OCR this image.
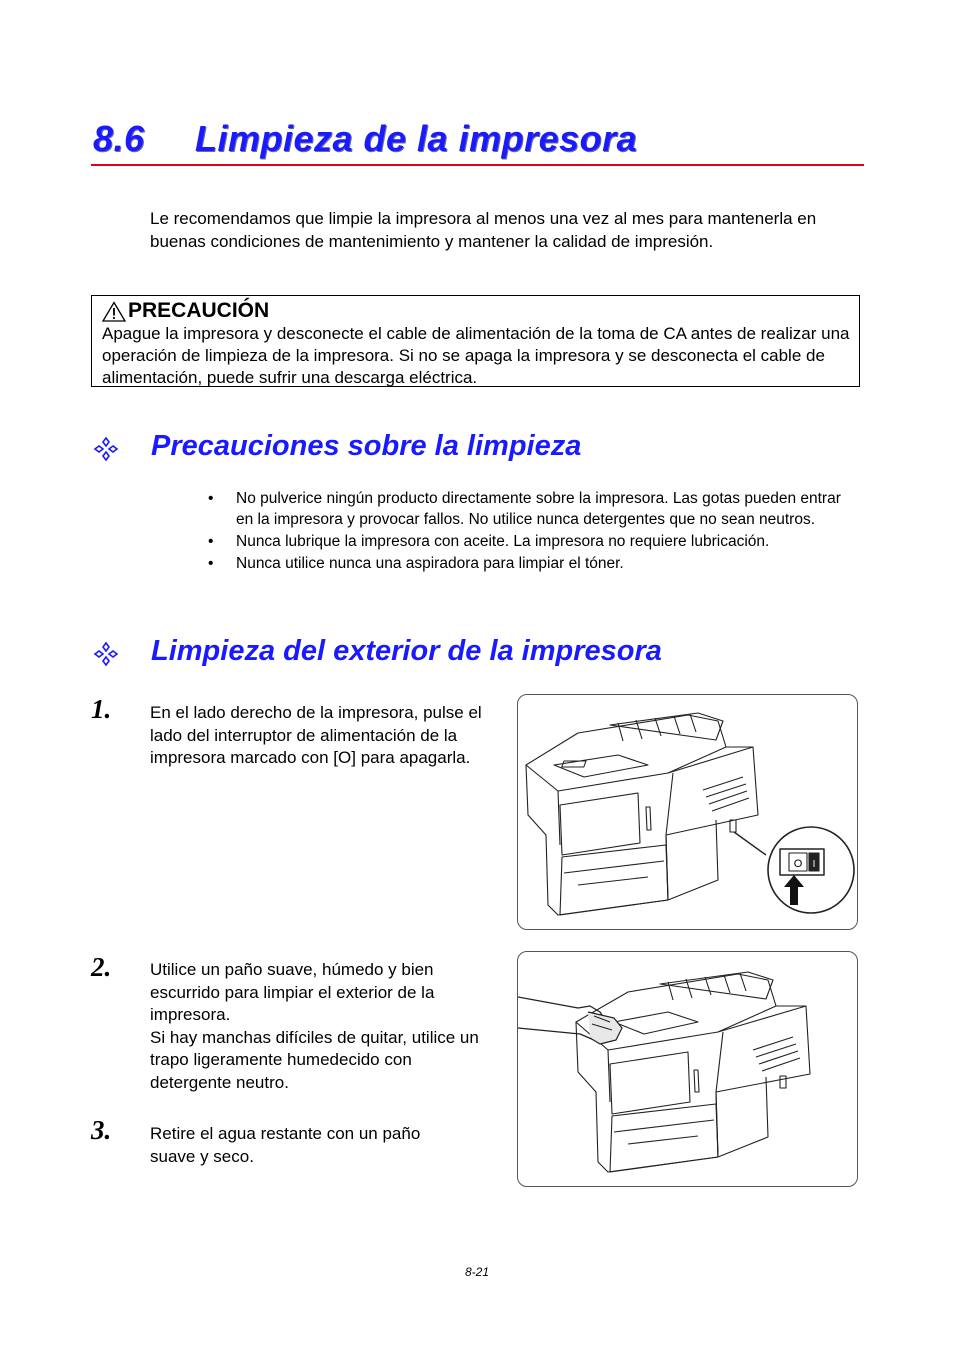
8.6 Limpieza de la impresora
Le recomendamos que limpie la impresora al menos una vez al mes para mantenerla en buenas condiciones de mantenimiento y mantener la calidad de impresión.
PRECAUCIÓN
Apague la impresora y desconecte el cable de alimentación de la toma de CA antes de realizar una operación de limpieza de la impresora. Si no se apaga la impresora y se desconecta el cable de alimentación, puede sufrir una descarga eléctrica.
Precauciones sobre la limpieza
• No pulverice ningún producto directamente sobre la impresora. Las gotas pueden entrar en la impresora y provocar fallos. No utilice nunca detergentes que no sean neutros.
• Nunca lubrique la impresora con aceite. La impresora no requiere lubricación.
• Nunca utilice nunca una aspiradora para limpiar el tóner.
Limpieza del exterior de la impresora
1. En el lado derecho de la impresora, pulse el lado del interruptor de alimentación de la impresora marcado con [O] para apagarla.
O I
2. Utilice un paño suave, húmedo y bien escurrido para limpiar el exterior de la impresora.
Si hay manchas difíciles de quitar, utilice un trapo ligeramente humedecido con detergente neutro.
3. Retire el agua restante con un paño suave y seco.
8-21
